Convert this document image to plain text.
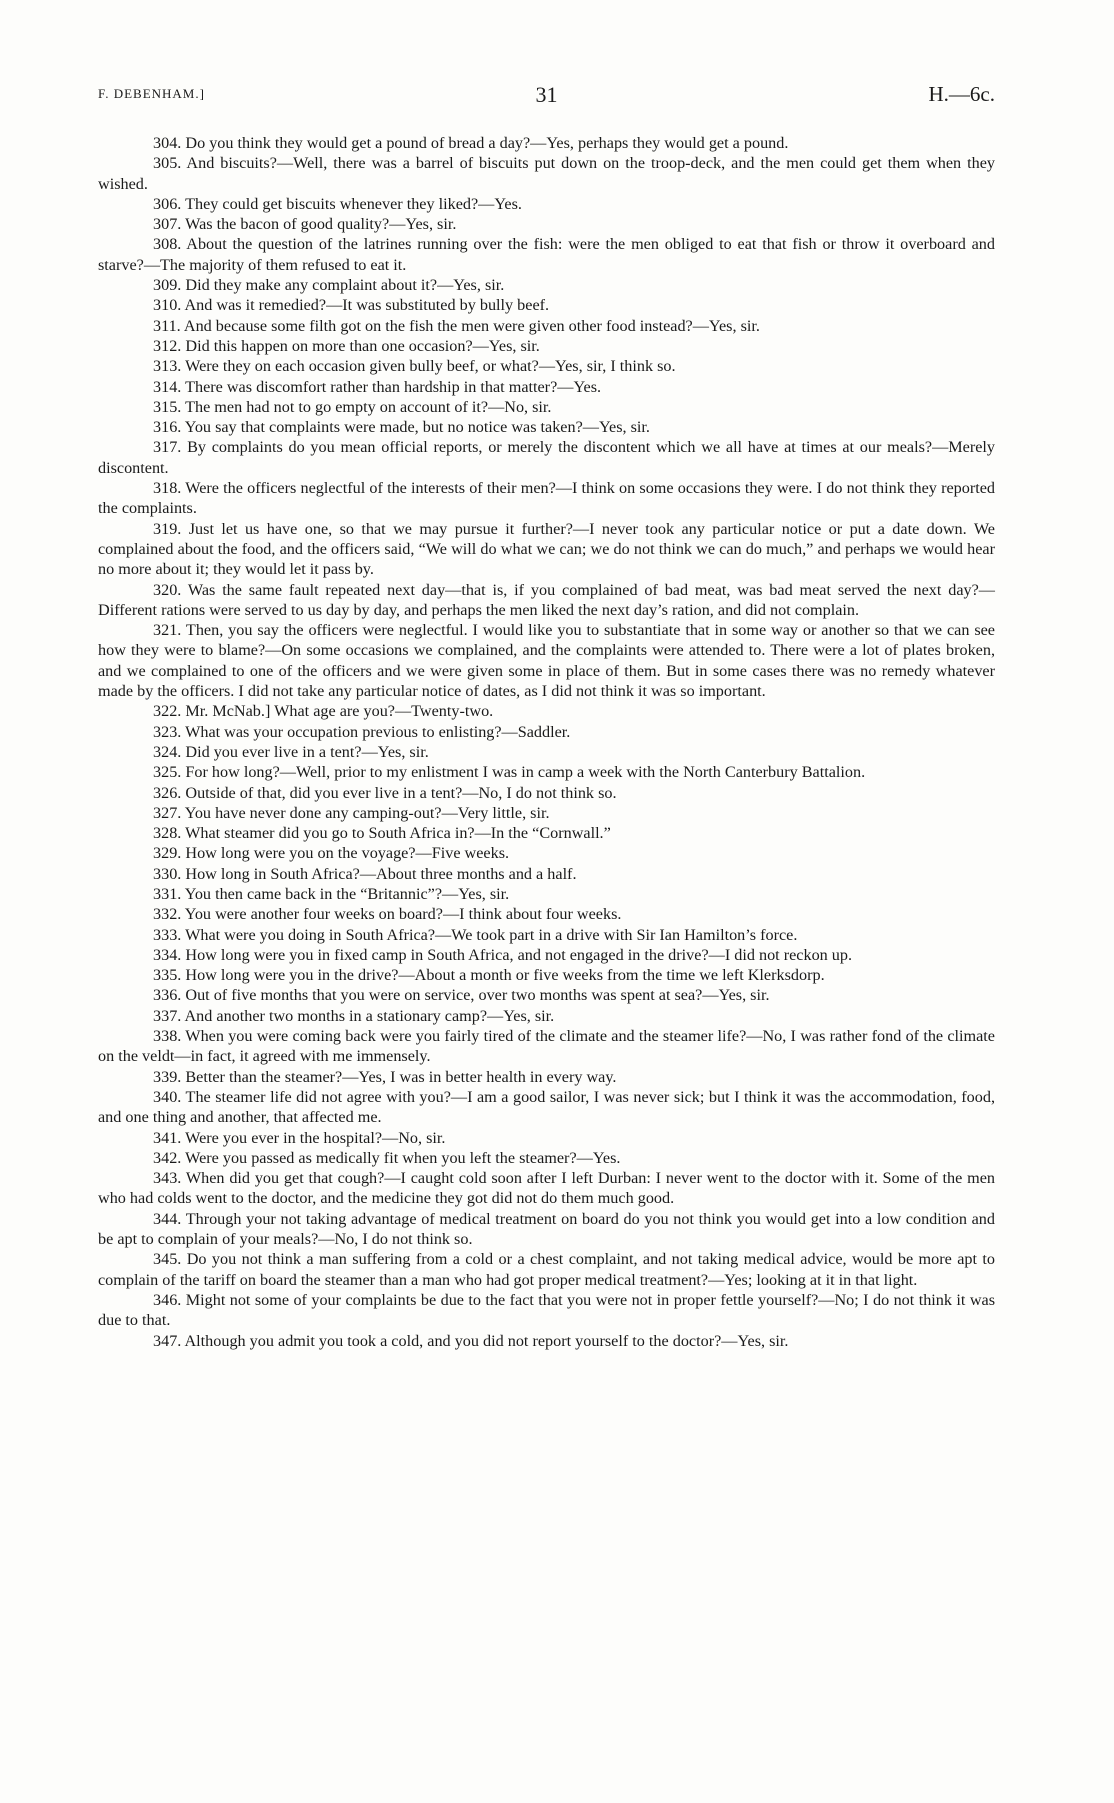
F. DEBENHAM.]	31	H.—6c.

304. Do you think they would get a pound of bread a day?—Yes, perhaps they would get a pound.

305. And biscuits?—Well, there was a barrel of biscuits put down on the troop-deck, and the men could get them when they wished.

306. They could get biscuits whenever they liked?—Yes.

307. Was the bacon of good quality?—Yes, sir.

308. About the question of the latrines running over the fish: were the men obliged to eat that fish or throw it overboard and starve?—The majority of them refused to eat it.

309. Did they make any complaint about it?—Yes, sir.

310. And was it remedied?—It was substituted by bully beef.

311. And because some filth got on the fish the men were given other food instead?—Yes, sir.

312. Did this happen on more than one occasion?—Yes, sir.

313. Were they on each occasion given bully beef, or what?—Yes, sir, I think so.

314. There was discomfort rather than hardship in that matter?—Yes.

315. The men had not to go empty on account of it?—No, sir.

316. You say that complaints were made, but no notice was taken?—Yes, sir.

317. By complaints do you mean official reports, or merely the discontent which we all have at times at our meals?—Merely discontent.

318. Were the officers neglectful of the interests of their men?—I think on some occasions they were. I do not think they reported the complaints.

319. Just let us have one, so that we may pursue it further?—I never took any particular notice or put a date down. We complained about the food, and the officers said, “We will do what we can; we do not think we can do much,” and perhaps we would hear no more about it; they would let it pass by.

320. Was the same fault repeated next day—that is, if you complained of bad meat, was bad meat served the next day?—Different rations were served to us day by day, and perhaps the men liked the next day’s ration, and did not complain.

321. Then, you say the officers were neglectful. I would like you to substantiate that in some way or another so that we can see how they were to blame?—On some occasions we complained, and the complaints were attended to. There were a lot of plates broken, and we complained to one of the officers and we were given some in place of them. But in some cases there was no remedy whatever made by the officers. I did not take any particular notice of dates, as I did not think it was so important.

322. Mr. McNab.] What age are you?—Twenty-two.

323. What was your occupation previous to enlisting?—Saddler.

324. Did you ever live in a tent?—Yes, sir.

325. For how long?—Well, prior to my enlistment I was in camp a week with the North Canterbury Battalion.

326. Outside of that, did you ever live in a tent?—No, I do not think so.

327. You have never done any camping-out?—Very little, sir.

328. What steamer did you go to South Africa in?—In the “Cornwall.”

329. How long were you on the voyage?—Five weeks.

330. How long in South Africa?—About three months and a half.

331. You then came back in the “Britannic”?—Yes, sir.

332. You were another four weeks on board?—I think about four weeks.

333. What were you doing in South Africa?—We took part in a drive with Sir Ian Hamilton’s force.

334. How long were you in fixed camp in South Africa, and not engaged in the drive?—I did not reckon up.

335. How long were you in the drive?—About a month or five weeks from the time we left Klerksdorp.

336. Out of five months that you were on service, over two months was spent at sea?—Yes, sir.

337. And another two months in a stationary camp?—Yes, sir.

338. When you were coming back were you fairly tired of the climate and the steamer life?—No, I was rather fond of the climate on the veldt—in fact, it agreed with me immensely.

339. Better than the steamer?—Yes, I was in better health in every way.

340. The steamer life did not agree with you?—I am a good sailor, I was never sick; but I think it was the accommodation, food, and one thing and another, that affected me.

341. Were you ever in the hospital?—No, sir.

342. Were you passed as medically fit when you left the steamer?—Yes.

343. When did you get that cough?—I caught cold soon after I left Durban: I never went to the doctor with it. Some of the men who had colds went to the doctor, and the medicine they got did not do them much good.

344. Through your not taking advantage of medical treatment on board do you not think you would get into a low condition and be apt to complain of your meals?—No, I do not think so.

345. Do you not think a man suffering from a cold or a chest complaint, and not taking medical advice, would be more apt to complain of the tariff on board the steamer than a man who had got proper medical treatment?—Yes; looking at it in that light.

346. Might not some of your complaints be due to the fact that you were not in proper fettle yourself?—No; I do not think it was due to that.

347. Although you admit you took a cold, and you did not report yourself to the doctor?—Yes, sir.
